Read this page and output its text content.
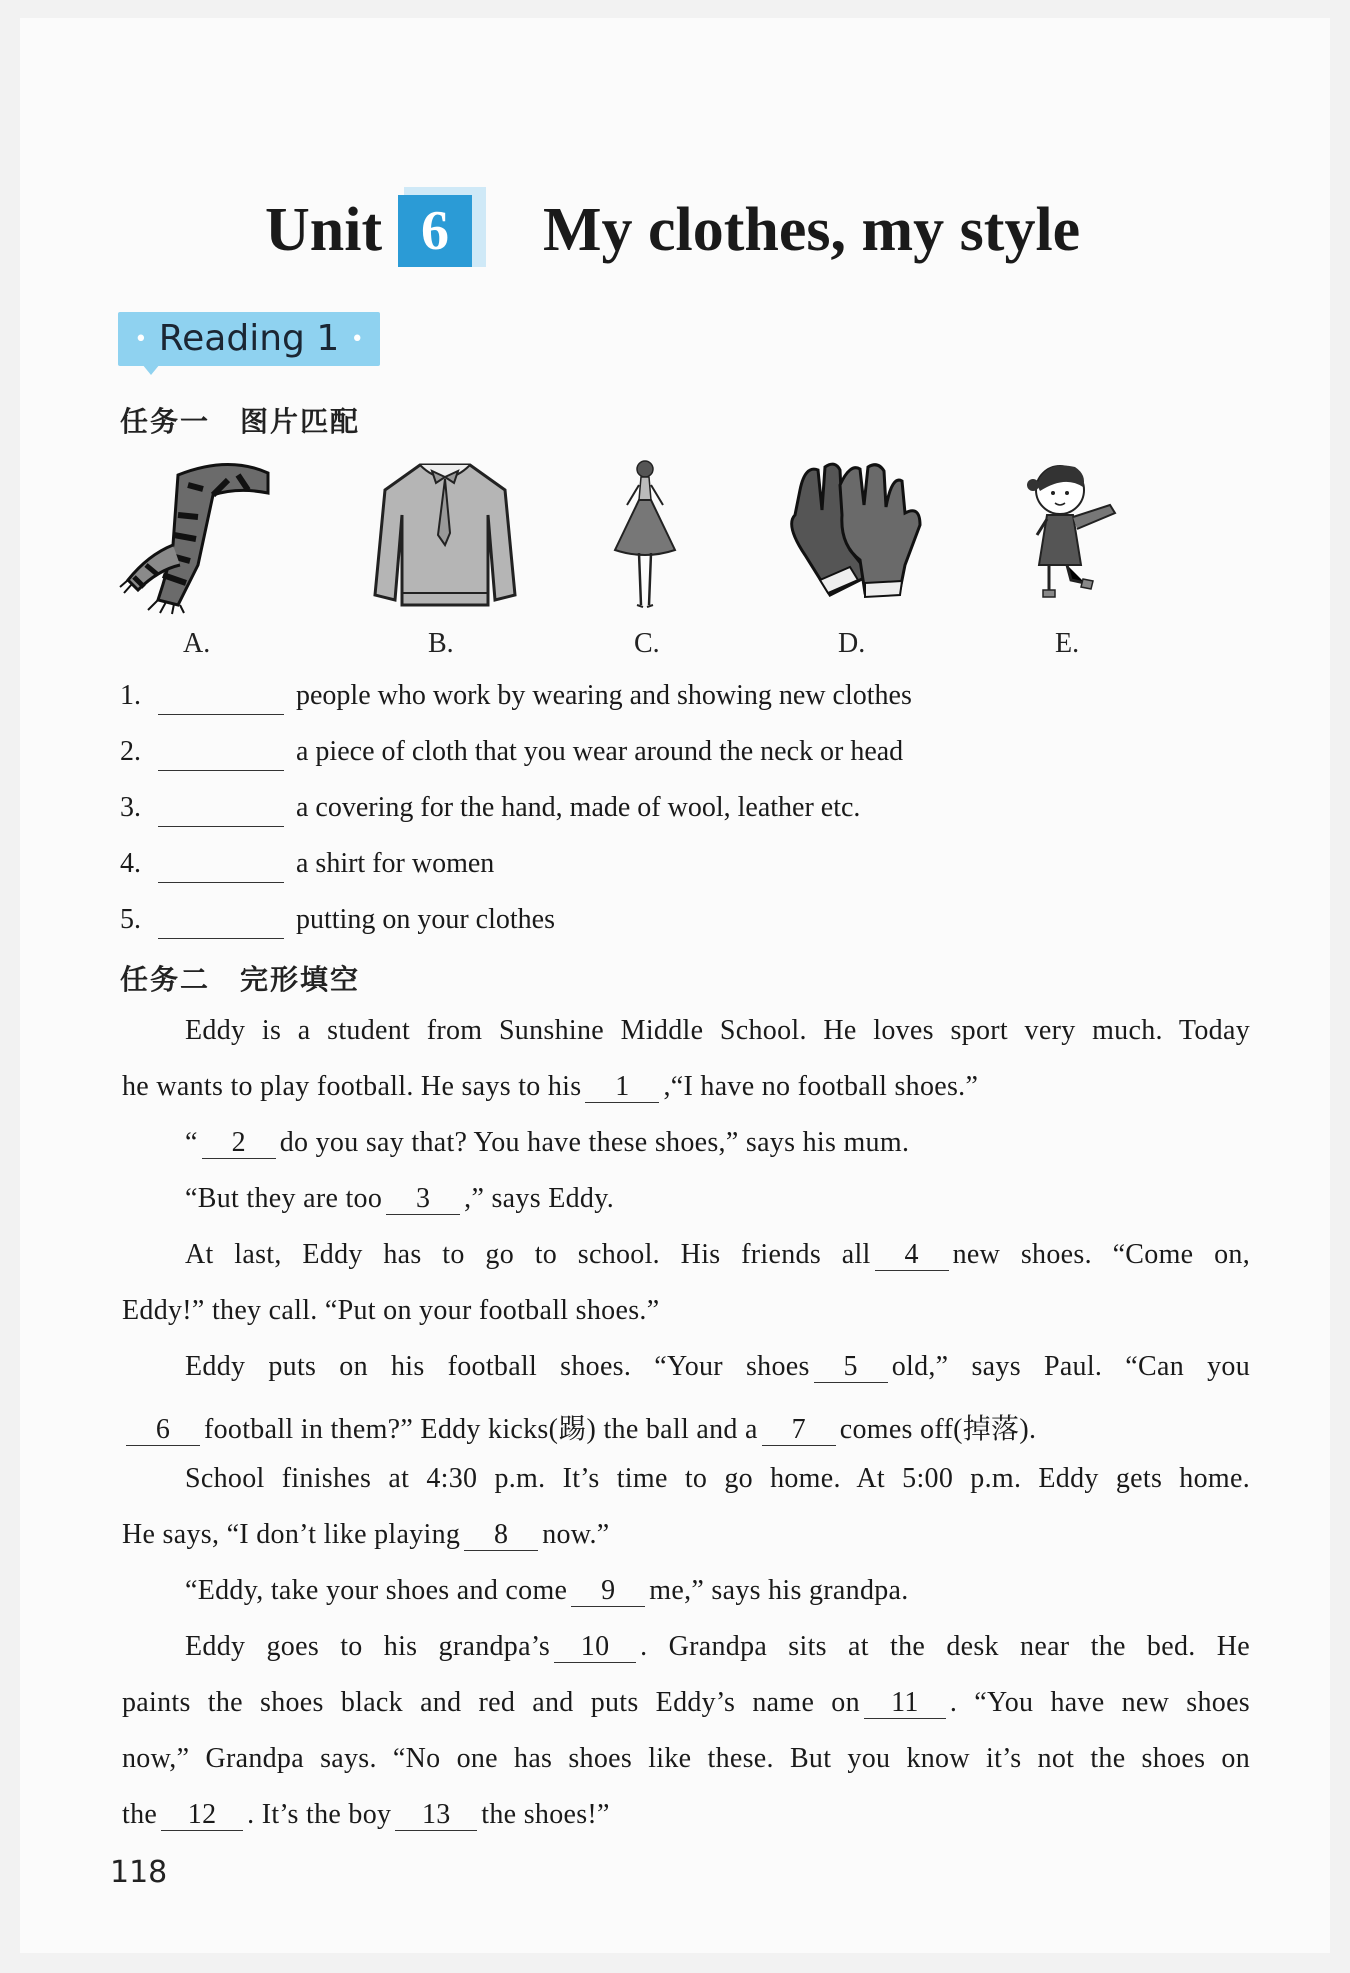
Unit 6	My clothes, my style
• Reading 1 •
任务一　图片匹配
A.	B.	C.	D.	E.
1.	people who work by wearing and showing new clothes
2.	a piece of cloth that you wear around the neck or head
3.	a covering for the hand, made of wool, leather etc.
4.	a shirt for women
5.	putting on your clothes
任务二　完形填空
Eddy is a student from Sunshine Middle School. He loves sport very much. Today
he wants to play football. He says to his 1 ,“I have no football shoes.”
“ 2 do you say that? You have these shoes,” says his mum.
“But they are too 3 ,” says Eddy.
At last, Eddy has to go to school. His friends all 4 new shoes. “Come on,
Eddy!” they call. “Put on your football shoes.”
Eddy puts on his football shoes. “Your shoes 5 old,” says Paul. “Can you
6 football in them?” Eddy kicks(踢) the ball and a 7 comes off(掉落).
School finishes at 4:30 p.m. It’s time to go home. At 5:00 p.m. Eddy gets home.
He says, “I don’t like playing 8 now.”
“Eddy, take your shoes and come 9 me,” says his grandpa.
Eddy goes to his grandpa’s 10 . Grandpa sits at the desk near the bed. He
paints the shoes black and red and puts Eddy’s name on 11 . “You have new shoes
now,” Grandpa says. “No one has shoes like these. But you know it’s not the shoes on
the 12 . It’s the boy 13 the shoes!”
118
